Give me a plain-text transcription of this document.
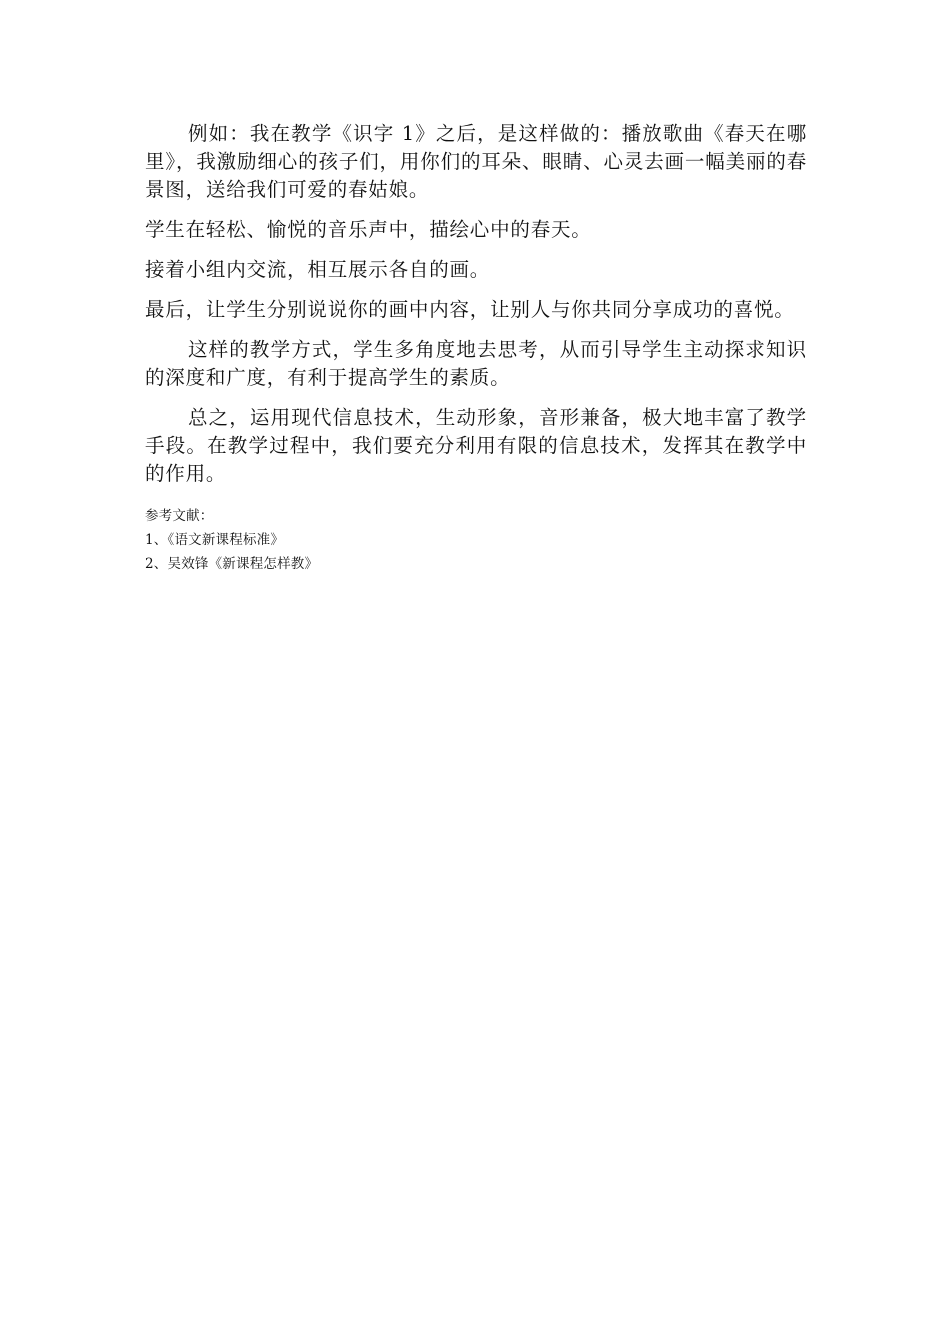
例如：我在教学《识字 1》之后，是这样做的：播放歌曲《春天在哪里》，我激励细心的孩子们，用你们的耳朵、眼睛、心灵去画一幅美丽的春景图，送给我们可爱的春姑娘。

学生在轻松、愉悦的音乐声中，描绘心中的春天。

接着小组内交流，相互展示各自的画。

最后，让学生分别说说你的画中内容，让别人与你共同分享成功的喜悦。

这样的教学方式，学生多角度地去思考，从而引导学生主动探求知识的深度和广度，有利于提高学生的素质。

总之，运用现代信息技术，生动形象，音形兼备，极大地丰富了教学手段。在教学过程中，我们要充分利用有限的信息技术，发挥其在教学中的作用。

参考文献：

1、《语文新课程标准》

2、吴效锋《新课程怎样教》
